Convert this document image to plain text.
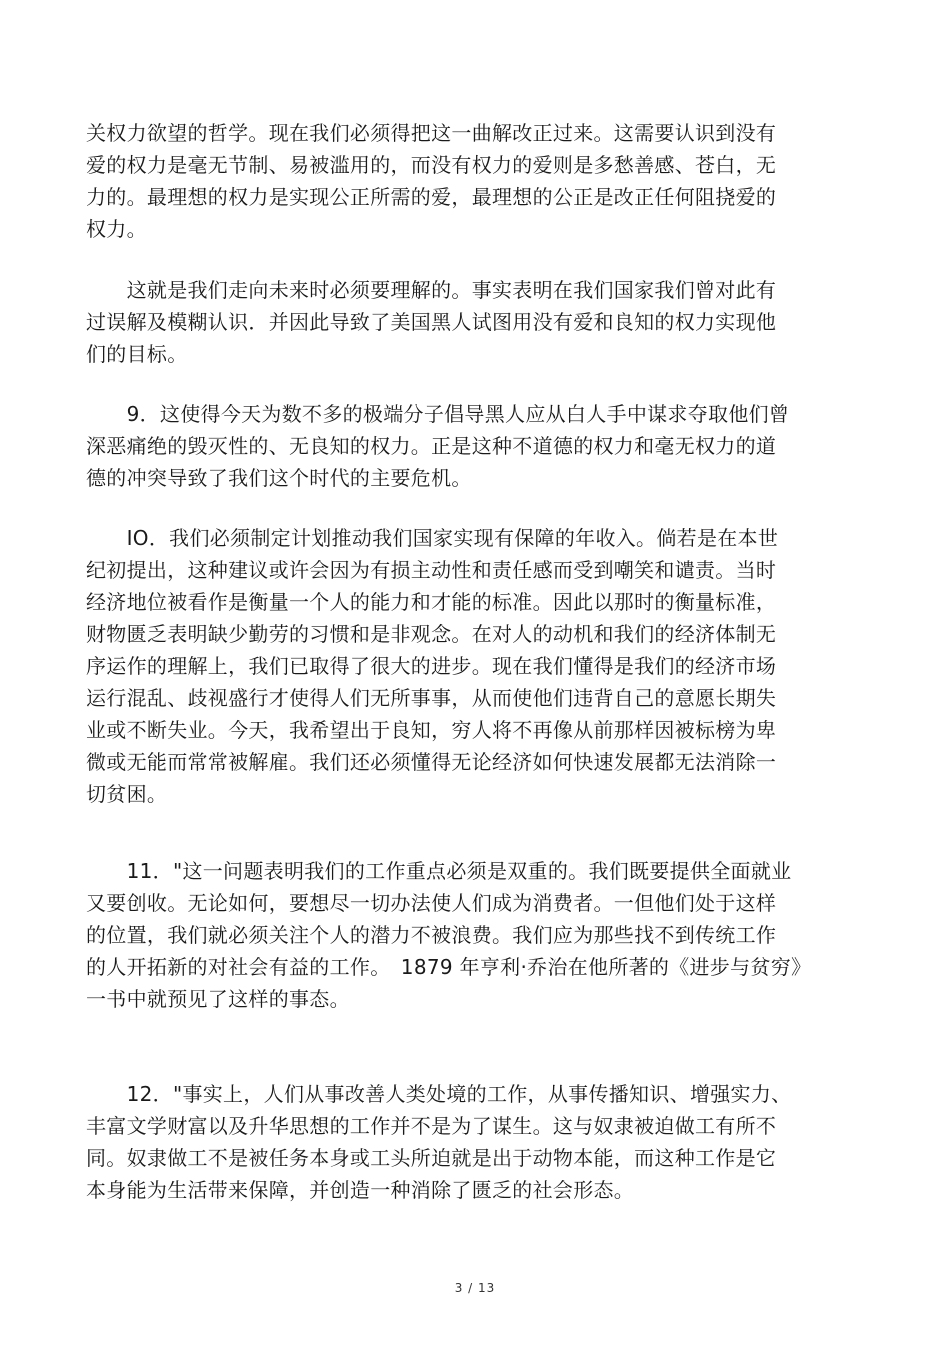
关权力欲望的哲学。现在我们必须得把这一曲解改正过来。这需要认识到没有
爱的权力是毫无节制、易被滥用的，而没有权力的爱则是多愁善感、苍白，无
力的。最理想的权力是实现公正所需的爱，最理想的公正是改正任何阻挠爱的
权力。
　　这就是我们走向未来时必须要理解的。事实表明在我们国家我们曾对此有
过误解及模糊认识．并因此导致了美国黑人试图用没有爱和良知的权力实现他
们的目标。
　　9．这使得今天为数不多的极端分子倡导黑人应从白人手中谋求夺取他们曾
深恶痛绝的毁灭性的、无良知的权力。正是这种不道德的权力和毫无权力的道
德的冲突导致了我们这个时代的主要危机。
　　IO．我们必须制定计划推动我们国家实现有保障的年收入。倘若是在本世
纪初提出，这种建议或许会因为有损主动性和责任感而受到嘲笑和谴责。当时
经济地位被看作是衡量一个人的能力和才能的标准。因此以那时的衡量标准，
财物匮乏表明缺少勤劳的习惯和是非观念。在对人的动机和我们的经济体制无
序运作的理解上，我们已取得了很大的进步。现在我们懂得是我们的经济市场
运行混乱、歧视盛行才使得人们无所事事，从而使他们违背自己的意愿长期失
业或不断失业。今天，我希望出于良知，穷人将不再像从前那样因被标榜为卑
微或无能而常常被解雇。我们还必须懂得无论经济如何快速发展都无法消除一
切贫困。
　　11．"这一问题表明我们的工作重点必须是双重的。我们既要提供全面就业
又要创收。无论如何，要想尽一切办法使人们成为消费者。一但他们处于这样
的位置，我们就必须关注个人的潜力不被浪费。我们应为那些找不到传统工作
的人开拓新的对社会有益的工作。　1879 年亨利·乔治在他所著的《进步与贫穷》
一书中就预见了这样的事态。
　　12．"事实上，人们从事改善人类处境的工作，从事传播知识、增强实力、
丰富文学财富以及升华思想的工作并不是为了谋生。这与奴隶被迫做工有所不
同。奴隶做工不是被任务本身或工头所迫就是出于动物本能，而这种工作是它
本身能为生活带来保障，并创造一种消除了匮乏的社会形态。
3 / 13
